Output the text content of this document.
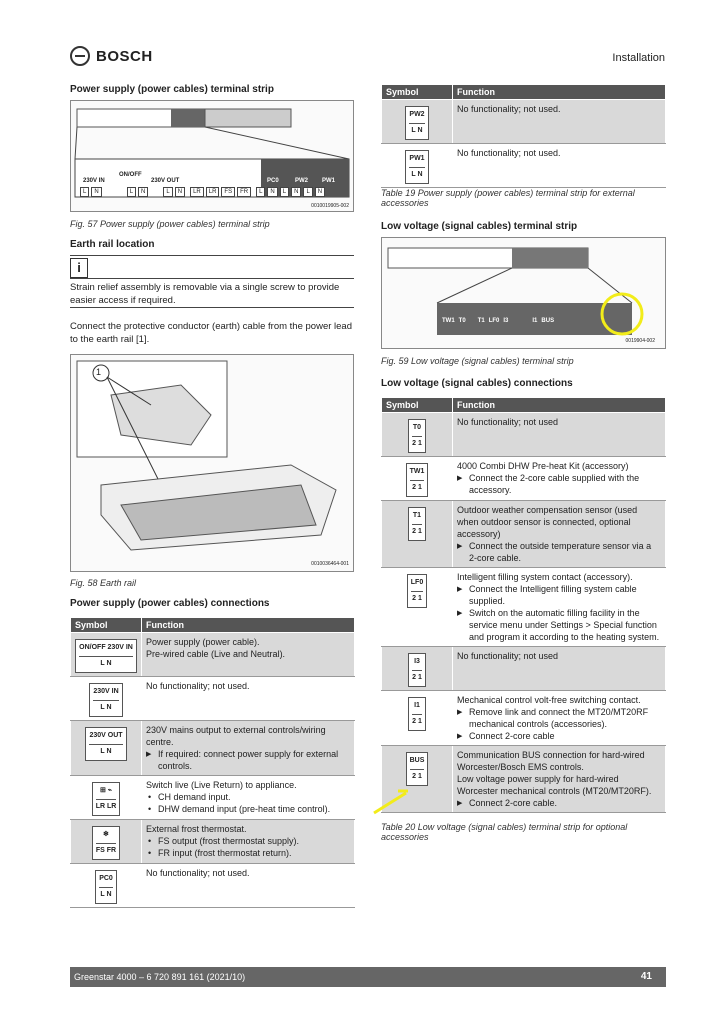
BOSCH	Installation
Power supply (power cables) terminal strip
ON/OFF
230V IN	230V OUT	PC0	PW2 PW1
L	N	L	N	L	N	LR	LR	FS	FR	L	N	L	N	L	N
0010019905-002
Fig. 57 Power supply (power cables) terminal strip
Earth rail location
i
Strain relief assembly is removable via a single screw to provide easier access if required.
Connect the protective conductor (earth) cable from the power lead to the earth rail [1].
1
0010036464-001
Fig. 58 Earth rail
Power supply (power cables) connections
Symbol	Function
ON/OFF 230V IN
L N	Power supply (power cable).
Pre-wired cable (Live and Neutral).
$\frac{\text{230V IN}}{\text{L N}}$	No functionality; not used.
230V OUT
L N	230V mains output to external controls/wiring centre.
▶ If required: connect power supply for external controls.

⊞ ⌁
LR LR	Switch live (Live Return) to appliance.
• CH demand input.
• DHW demand input (pre-heat time control).

❄
FS FR	External frost thermostat.
• FS output (frost thermostat supply).
• FR input (frost thermostat return).

$\frac{PC0}{\text{L N}}$	No functionality; not used.
Symbol	Function
$\frac{PW2}{\text{L N}}$	No functionality; not used.
$\frac{PW1}{\text{L N}}$	No functionality; not used.
Table 19 Power supply (power cables) terminal strip for external accessories
Low voltage (signal cables) terminal strip
TW1 T0 T1 LF0 I3	I1 BUS
0019904-002
Fig. 59 Low voltage (signal cables) terminal strip
Low voltage (signal cables) connections
Symbol	Function
$\frac{T0}{2 1}$	No functionality; not used
$\frac{TW1}{2 1}$	4000 Combi DHW Pre-heat Kit (accessory)
▶ Connect the 2-core cable supplied with the accessory.

$\frac{T1}{2 1}$	Outdoor weather compensation sensor (used when outdoor sensor is connected, optional accessory)
▶ Connect the outside temperature sensor via a 2-core cable.

$\frac{LF0}{2 1}$	Intelligent filling system contact (accessory).
▶ Connect the Intelligent filling system cable supplied.
▶ Switch on the automatic filling facility in the service menu under Settings > Special function and program it according to the heating system.

$\frac{I3}{2 1}$	No functionality; not used
$\frac{I1}{2 1}$	Mechanical control volt-free switching contact.
▶ Remove link and connect the MT20/MT20RF mechanical controls (accessories).
▶ Connect 2-core cable

BUS
2 1	Communication BUS connection for hard-wired Worcester/Bosch EMS controls.
Low voltage power supply for hard-wired Worcester mechanical controls (MT20/MT20RF).
▶ Connect 2-core cable.
Table 20 Low voltage (signal cables) terminal strip for optional accessories
Greenstar 4000 – 6 720 891 161 (2021/10)	41
